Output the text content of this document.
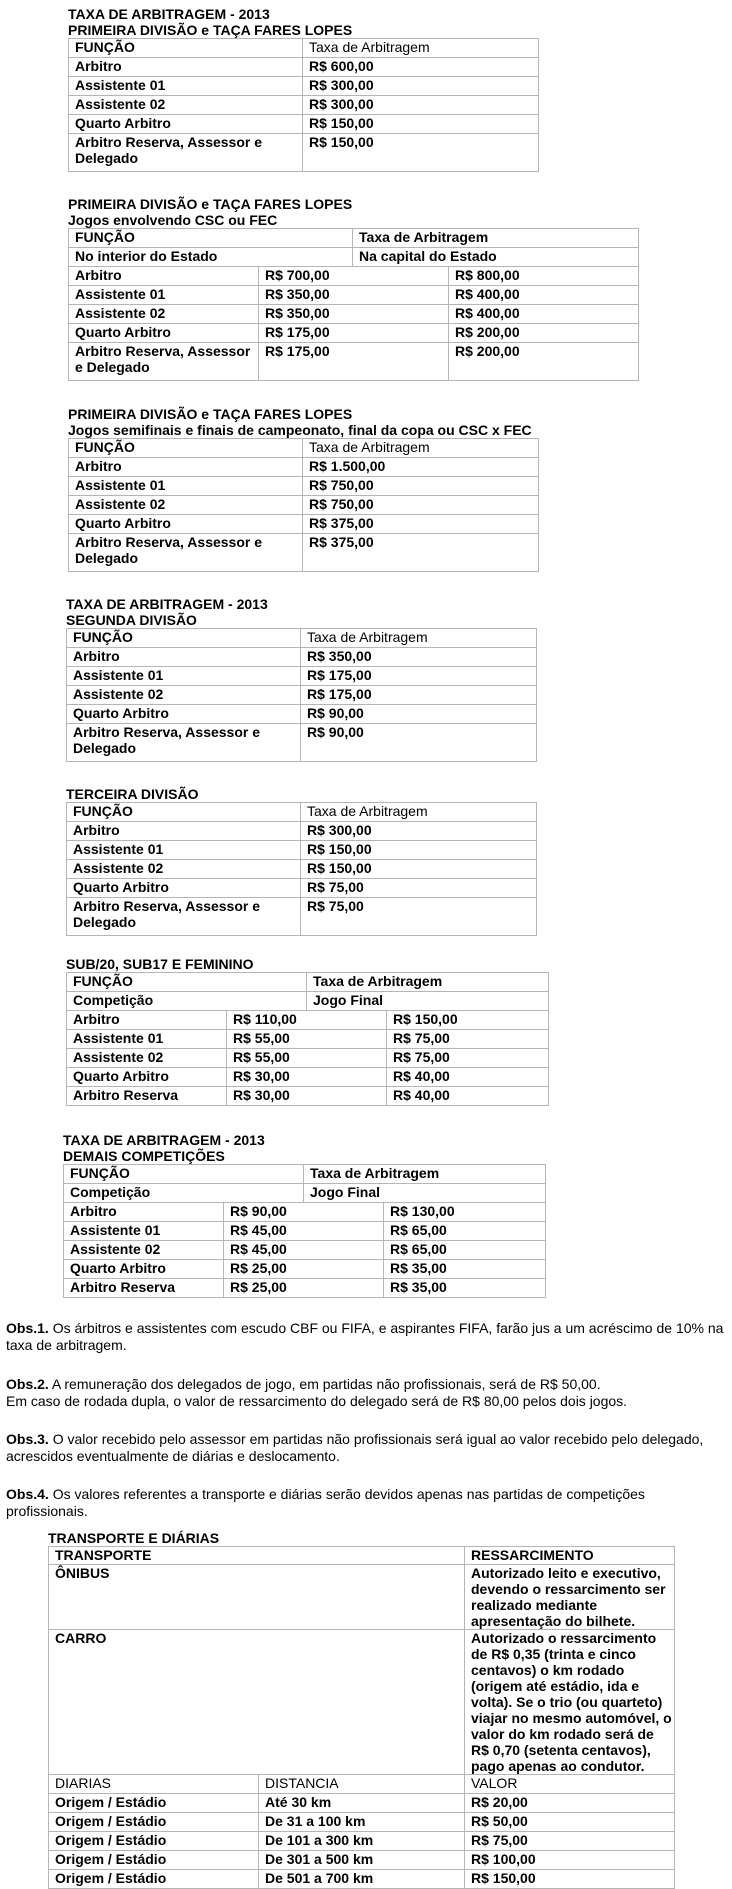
TAXA DE ARBITRAGEM - 2013

PRIMEIRA DIVISÃO e TAÇA FARES LOPES

FUNÇÃO	Taxa de Arbitragem
Arbitro	R$ 600,00
Assistente 01	R$ 300,00
Assistente 02	R$ 300,00
Quarto Arbitro	R$ 150,00
Arbitro Reserva, Assessor e Delegado	R$ 150,00

PRIMEIRA DIVISÃO e TAÇA FARES LOPES

Jogos envolvendo CSC ou FEC

FUNÇÃO		Taxa de Arbitragem	
No interior do Estado		Na capital do Estado	
Arbitro	R$ 700,00		R$ 800,00
Assistente 01	R$ 350,00		R$ 400,00
Assistente 02	R$ 350,00		R$ 400,00
Quarto Arbitro	R$ 175,00		R$ 200,00
Arbitro Reserva, Assessor e Delegado	R$ 175,00		R$ 200,00

PRIMEIRA DIVISÃO e TAÇA FARES LOPES

Jogos semifinais e finais de campeonato, final da copa ou CSC x FEC

FUNÇÃO	Taxa de Arbitragem
Arbitro	R$ 1.500,00
Assistente 01	R$ 750,00
Assistente 02	R$ 750,00
Quarto Arbitro	R$ 375,00
Arbitro Reserva, Assessor e Delegado	R$ 375,00

TAXA DE ARBITRAGEM - 2013

SEGUNDA DIVISÃO

FUNÇÃO	Taxa de Arbitragem
Arbitro	R$ 350,00
Assistente 01	R$ 175,00
Assistente 02	R$ 175,00
Quarto Arbitro	R$ 90,00
Arbitro Reserva, Assessor e Delegado	R$ 90,00

TERCEIRA DIVISÃO

FUNÇÃO	Taxa de Arbitragem
Arbitro	R$ 300,00
Assistente 01	R$ 150,00
Assistente 02	R$ 150,00
Quarto Arbitro	R$ 75,00
Arbitro Reserva, Assessor e Delegado	R$ 75,00

SUB/20, SUB17 E FEMININO

FUNÇÃO		Taxa de Arbitragem	
Competição		Jogo Final	
Arbitro	R$ 110,00		R$ 150,00
Assistente 01	R$ 55,00		R$ 75,00
Assistente 02	R$ 55,00		R$ 75,00
Quarto Arbitro	R$ 30,00		R$ 40,00
Arbitro Reserva	R$ 30,00		R$ 40,00

TAXA DE ARBITRAGEM - 2013

DEMAIS COMPETIÇÕES

FUNÇÃO		Taxa de Arbitragem	
Competição		Jogo Final	
Arbitro	R$ 90,00		R$ 130,00
Assistente 01	R$ 45,00		R$ 65,00
Assistente 02	R$ 45,00		R$ 65,00
Quarto Arbitro	R$ 25,00		R$ 35,00
Arbitro Reserva	R$ 25,00		R$ 35,00

Obs.1. Os árbitros e assistentes com escudo CBF ou FIFA, e aspirantes FIFA, farão jus a um acréscimo de 10% na taxa de arbitragem.

Obs.2. A remuneração dos delegados de jogo, em partidas não profissionais, será de R$ 50,00.
Em caso de rodada dupla, o valor de ressarcimento do delegado será de R$ 80,00 pelos dois jogos.

Obs.3. O valor recebido pelo assessor em partidas não profissionais será igual ao valor recebido pelo delegado, acrescidos eventualmente de diárias e deslocamento.

Obs.4. Os valores referentes a transporte e diárias serão devidos apenas nas partidas de competições profissionais.

TRANSPORTE E DIÁRIAS

TRANSPORTE		RESSARCIMENTO
ÔNIBUS		Autorizado leito e executivo, devendo o ressarcimento ser realizado mediante apresentação do bilhete.
CARRO		Autorizado o ressarcimento de R$ 0,35 (trinta e cinco centavos) o km rodado (origem até estádio, ida e volta). Se o trio (ou quarteto) viajar no mesmo automóvel, o valor do km rodado será de R$ 0,70 (setenta centavos), pago apenas ao condutor.
DIARIAS	DISTANCIA	VALOR
Origem / Estádio	Até 30 km	R$ 20,00
Origem / Estádio	De 31 a 100 km	R$ 50,00
Origem / Estádio	De 101 a 300 km	R$ 75,00
Origem / Estádio	De 301 a 500 km	R$ 100,00
Origem / Estádio	De 501 a 700 km	R$ 150,00
